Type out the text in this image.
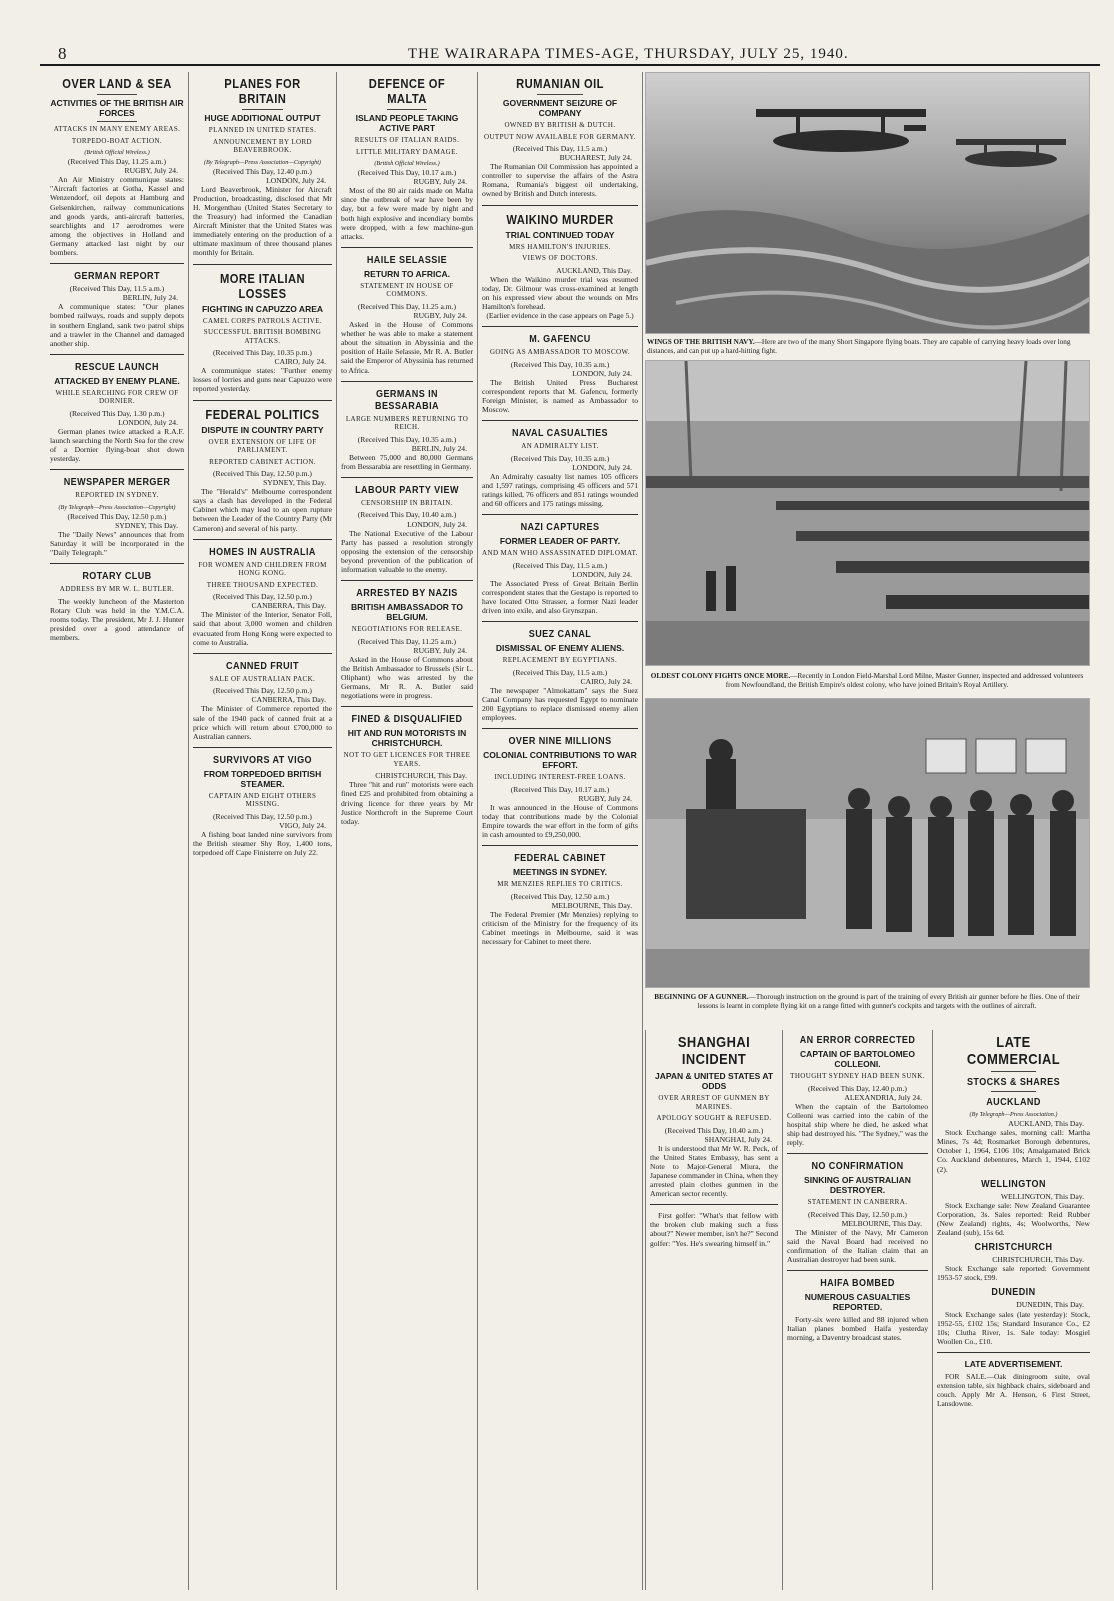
8	THE WAIRARAPA TIMES-AGE, THURSDAY, JULY 25, 1940.
OVER LAND & SEA
ACTIVITIES OF THE BRITISH AIR FORCES
ATTACKS IN MANY ENEMY AREAS.
TORPEDO-BOAT ACTION.
(British Official Wireless.)

(Received This Day, 11.25 a.m.)

RUGBY, July 24.

An Air Ministry communique states: "Aircraft factories at Gotha, Kassel and Wenzendorf, oil depots at Hamburg and Gelsenkirchen, railway communications and goods yards, anti-aircraft batteries, searchlights and 17 aerodromes were among the objectives in Holland and Germany attacked last night by our bombers.

GERMAN REPORT

(Received This Day, 11.5 a.m.)

BERLIN, July 24.

A communique states: "Our planes bombed railways, roads and supply depots in southern England, sank two patrol ships and a trawler in the Channel and damaged another ship.

RESCUE LAUNCH
ATTACKED BY ENEMY PLANE.
WHILE SEARCHING FOR CREW OF DORNIER.

(Received This Day, 1.30 p.m.)

LONDON, July 24.

German planes twice attacked a R.A.F. launch searching the North Sea for the crew of a Dornier flying-boat shot down yesterday.

NEWSPAPER MERGER
REPORTED IN SYDNEY.
(By Telegraph—Press Association—Copyright)

(Received This Day, 12.50 p.m.)

SYDNEY, This Day.

The "Daily News" announces that from Saturday it will be incorporated in the "Daily Telegraph."

ROTARY CLUB
ADDRESS BY MR W. L. BUTLER.

The weekly luncheon of the Masterton Rotary Club was held in the Y.M.C.A. rooms today. The president, Mr J. J. Hunter presided over a good attendance of members.

PLANES FOR BRITAIN
HUGE ADDITIONAL OUTPUT
PLANNED IN UNITED STATES.
ANNOUNCEMENT BY LORD BEAVERBROOK.
(By Telegraph—Press Association—Copyright)

(Received This Day, 12.40 p.m.)

LONDON, July 24.

Lord Beaverbrook, Minister for Aircraft Production, broadcasting, disclosed that Mr H. Morgenthau (United States Secretary to the Treasury) had informed the Canadian Aircraft Minister that the United States was immediately entering on the production of a ultimate maximum of three thousand planes monthly for Britain.

MORE ITALIAN LOSSES
FIGHTING IN CAPUZZO AREA
CAMEL CORPS PATROLS ACTIVE.
SUCCESSFUL BRITISH BOMBING ATTACKS.

(Received This Day, 10.35 p.m.)

CAIRO, July 24.

A communique states: "Further enemy losses of lorries and guns near Capuzzo were reported yesterday.

FEDERAL POLITICS
DISPUTE IN COUNTRY PARTY
OVER EXTENSION OF LIFE OF PARLIAMENT.
REPORTED CABINET ACTION.

(Received This Day, 12.50 p.m.)

SYDNEY, This Day.

The "Herald's" Melbourne correspondent says a clash has developed in the Federal Cabinet which may lead to an open rupture between the Leader of the Country Party (Mr Cameron) and several of his party.

HOMES IN AUSTRALIA
FOR WOMEN AND CHILDREN FROM HONG KONG.
THREE THOUSAND EXPECTED.

(Received This Day, 12.50 p.m.)

CANBERRA, This Day.

The Minister of the Interior, Senator Foll, said that about 3,000 women and children evacuated from Hong Kong were expected to come to Australia.

CANNED FRUIT
SALE OF AUSTRALIAN PACK.

(Received This Day, 12.50 p.m.)

CANBERRA, This Day.

The Minister of Commerce reported the sale of the 1940 pack of canned fruit at a price which will return about £700,000 to Australian canners.

SURVIVORS AT VIGO
FROM TORPEDOED BRITISH STEAMER.
CAPTAIN AND EIGHT OTHERS MISSING.

(Received This Day, 12.50 p.m.)

VIGO, July 24.

A fishing boat landed nine survivors from the British steamer Shy Roy, 1,400 tons, torpedoed off Cape Finisterre on July 22.

DEFENCE OF MALTA
ISLAND PEOPLE TAKING ACTIVE PART
RESULTS OF ITALIAN RAIDS.
LITTLE MILITARY DAMAGE.
(British Official Wireless.)

(Received This Day, 10.17 a.m.)

RUGBY, July 24.

Most of the 80 air raids made on Malta since the outbreak of war have been by day, but a few were made by night and both high explosive and incendiary bombs were dropped, with a few machine-gun attacks.

HAILE SELASSIE
RETURN TO AFRICA.
STATEMENT IN HOUSE OF COMMONS.

(Received This Day, 11.25 a.m.)

RUGBY, July 24.

Asked in the House of Commons whether he was able to make a statement about the situation in Abyssinia and the position of Haile Selassie, Mr R. A. Butler said the Emperor of Abyssinia has returned to Africa.

GERMANS IN BESSARABIA
LARGE NUMBERS RETURNING TO REICH.

(Received This Day, 10.35 a.m.)

BERLIN, July 24.

Between 75,000 and 80,000 Germans from Bessarabia are resettling in Germany.

LABOUR PARTY VIEW
CENSORSHIP IN BRITAIN.

(Received This Day, 10.40 a.m.)

LONDON, July 24.

The National Executive of the Labour Party has passed a resolution strongly opposing the extension of the censorship beyond prevention of the publication of information valuable to the enemy.

ARRESTED BY NAZIS
BRITISH AMBASSADOR TO BELGIUM.
NEGOTIATIONS FOR RELEASE.

(Received This Day, 11.25 a.m.)

RUGBY, July 24.

Asked in the House of Commons about the British Ambassador to Brussels (Sir L. Oliphant) who was arrested by the Germans, Mr R. A. Butler said negotiations were in progress.

FINED & DISQUALIFIED
HIT AND RUN MOTORISTS IN CHRISTCHURCH.
NOT TO GET LICENCES FOR THREE YEARS.

CHRISTCHURCH, This Day.

Three "hit and run" motorists were each fined £25 and prohibited from obtaining a driving licence for three years by Mr Justice Northcroft in the Supreme Court today.

RUMANIAN OIL
GOVERNMENT SEIZURE OF COMPANY
OWNED BY BRITISH & DUTCH.
OUTPUT NOW AVAILABLE FOR GERMANY.

(Received This Day, 11.5 a.m.)

BUCHAREST, July 24.

The Rumanian Oil Commission has appointed a controller to supervise the affairs of the Astra Romana, Rumania's biggest oil undertaking, owned by British and Dutch interests.

WAIKINO MURDER
TRIAL CONTINUED TODAY
MRS HAMILTON'S INJURIES.
VIEWS OF DOCTORS.

AUCKLAND, This Day.

When the Waikino murder trial was resumed today, Dr. Gilmour was cross-examined at length on his expressed view about the wounds on Mrs Hamilton's forehead.

(Earlier evidence in the case appears on Page 5.)

M. GAFENCU
GOING AS AMBASSADOR TO MOSCOW.

(Received This Day, 10.35 a.m.)

LONDON, July 24.

The British United Press Bucharest correspondent reports that M. Gafencu, formerly Foreign Minister, is named as Ambassador to Moscow.

NAVAL CASUALTIES
AN ADMIRALTY LIST.

(Received This Day, 10.35 a.m.)

LONDON, July 24.

An Admiralty casualty list names 105 officers and 1,597 ratings, comprising 45 officers and 571 ratings killed, 76 officers and 851 ratings wounded and 60 officers and 175 ratings missing.

NAZI CAPTURES
FORMER LEADER OF PARTY.
AND MAN WHO ASSASSINATED DIPLOMAT.

(Received This Day, 11.5 a.m.)

LONDON, July 24.

The Associated Press of Great Britain Berlin correspondent states that the Gestapo is reported to have located Otto Strasser, a former Nazi leader driven into exile, and also Grynszpan.

SUEZ CANAL
DISMISSAL OF ENEMY ALIENS.
REPLACEMENT BY EGYPTIANS.

(Received This Day, 11.5 a.m.)

CAIRO, July 24.

The newspaper "Almokattam" says the Suez Canal Company has requested Egypt to nominate 200 Egyptians to replace dismissed enemy alien employees.

OVER NINE MILLIONS
COLONIAL CONTRIBUTIONS TO WAR EFFORT.
INCLUDING INTEREST-FREE LOANS.

(Received This Day, 10.17 a.m.)

RUGBY, July 24.

It was announced in the House of Commons today that contributions made by the Colonial Empire towards the war effort in the form of gifts in cash amounted to £9,250,000.

FEDERAL CABINET
MEETINGS IN SYDNEY.
MR MENZIES REPLIES TO CRITICS.

(Received This Day, 12.50 a.m.)

MELBOURNE, This Day.

The Federal Premier (Mr Menzies) replying to criticism of the Ministry for the frequency of its Cabinet meetings in Melbourne, said it was necessary for Cabinet to meet there.

WINGS OF THE BRITISH NAVY.—Here are two of the many Short Singapore flying boats. They are capable of carrying heavy loads over long distances, and can put up a hard-hitting fight.
OLDEST COLONY FIGHTS ONCE MORE.—Recently in London Field-Marshal Lord Milne, Master Gunner, inspected and addressed volunteers from Newfoundland, the British Empire's oldest colony, who have joined Britain's Royal Artillery.
BEGINNING OF A GUNNER.—Thorough instruction on the ground is part of the training of every British air gunner before he flies. One of their lessons is learnt in complete flying kit on a range fitted with gunner's cockpits and targets with the outlines of aircraft.
SHANGHAI INCIDENT
JAPAN & UNITED STATES AT ODDS
OVER ARREST OF GUNMEN BY MARINES.
APOLOGY SOUGHT & REFUSED.

(Received This Day, 10.40 a.m.)

SHANGHAI, July 24.

It is understood that Mr W. R. Peck, of the United States Embassy, has sent a Note to Major-General Miura, the Japanese commander in China, when they arrested plain clothes gunmen in the American sector recently.

First golfer: "What's that fellow with the broken club making such a fuss about?" Newer member, isn't he?" Second golfer: "Yes. He's swearing himself in."

AN ERROR CORRECTED
CAPTAIN OF BARTOLOMEO COLLEONI.
THOUGHT SYDNEY HAD BEEN SUNK.

(Received This Day, 12.40 p.m.)

ALEXANDRIA, July 24.

When the captain of the Bartolomeo Colleoni was carried into the cabin of the hospital ship where he died, he asked what ship had destroyed his. "The Sydney," was the reply.

NO CONFIRMATION
SINKING OF AUSTRALIAN DESTROYER.
STATEMENT IN CANBERRA.

(Received This Day, 12.50 p.m.)

MELBOURNE, This Day.

The Minister of the Navy, Mr Cameron said the Naval Board had received no confirmation of the Italian claim that an Australian destroyer had been sunk.

HAIFA BOMBED
NUMEROUS CASUALTIES REPORTED.

Forty-six were killed and 88 injured when Italian planes bombed Haifa yesterday morning, a Daventry broadcast states.

LATE COMMERCIAL
STOCKS & SHARES
AUCKLAND
(By Telegraph—Press Association.)

AUCKLAND, This Day.

Stock Exchange sales, morning call: Martha Mines, 7s 4d; Rosmarket Borough debentures, October 1, 1964, £106 10s; Amalgamated Brick Co. Auckland debentures, March 1, 1944, £102 (2).

WELLINGTON

WELLINGTON, This Day.

Stock Exchange sale: New Zealand Guarantee Corporation, 3s. Sales reported: Reid Rubber (New Zealand) rights, 4s; Woolworths, New Zealand (sub), 15s 6d.

CHRISTCHURCH

CHRISTCHURCH, This Day.

Stock Exchange sale reported: Government 1953-57 stock, £99.

DUNEDIN

DUNEDIN, This Day.

Stock Exchange sales (late yesterday): Stock, 1952-55, £102 15s; Standard Insurance Co., £2 10s; Clutha River, 1s. Sale today: Mosgiel Woollen Co., £10.

LATE ADVERTISEMENT.

FOR SALE.—Oak diningroom suite, oval extension table, six highback chairs, sideboard and couch. Apply Mr A. Henson, 6 First Street, Lansdowne.
